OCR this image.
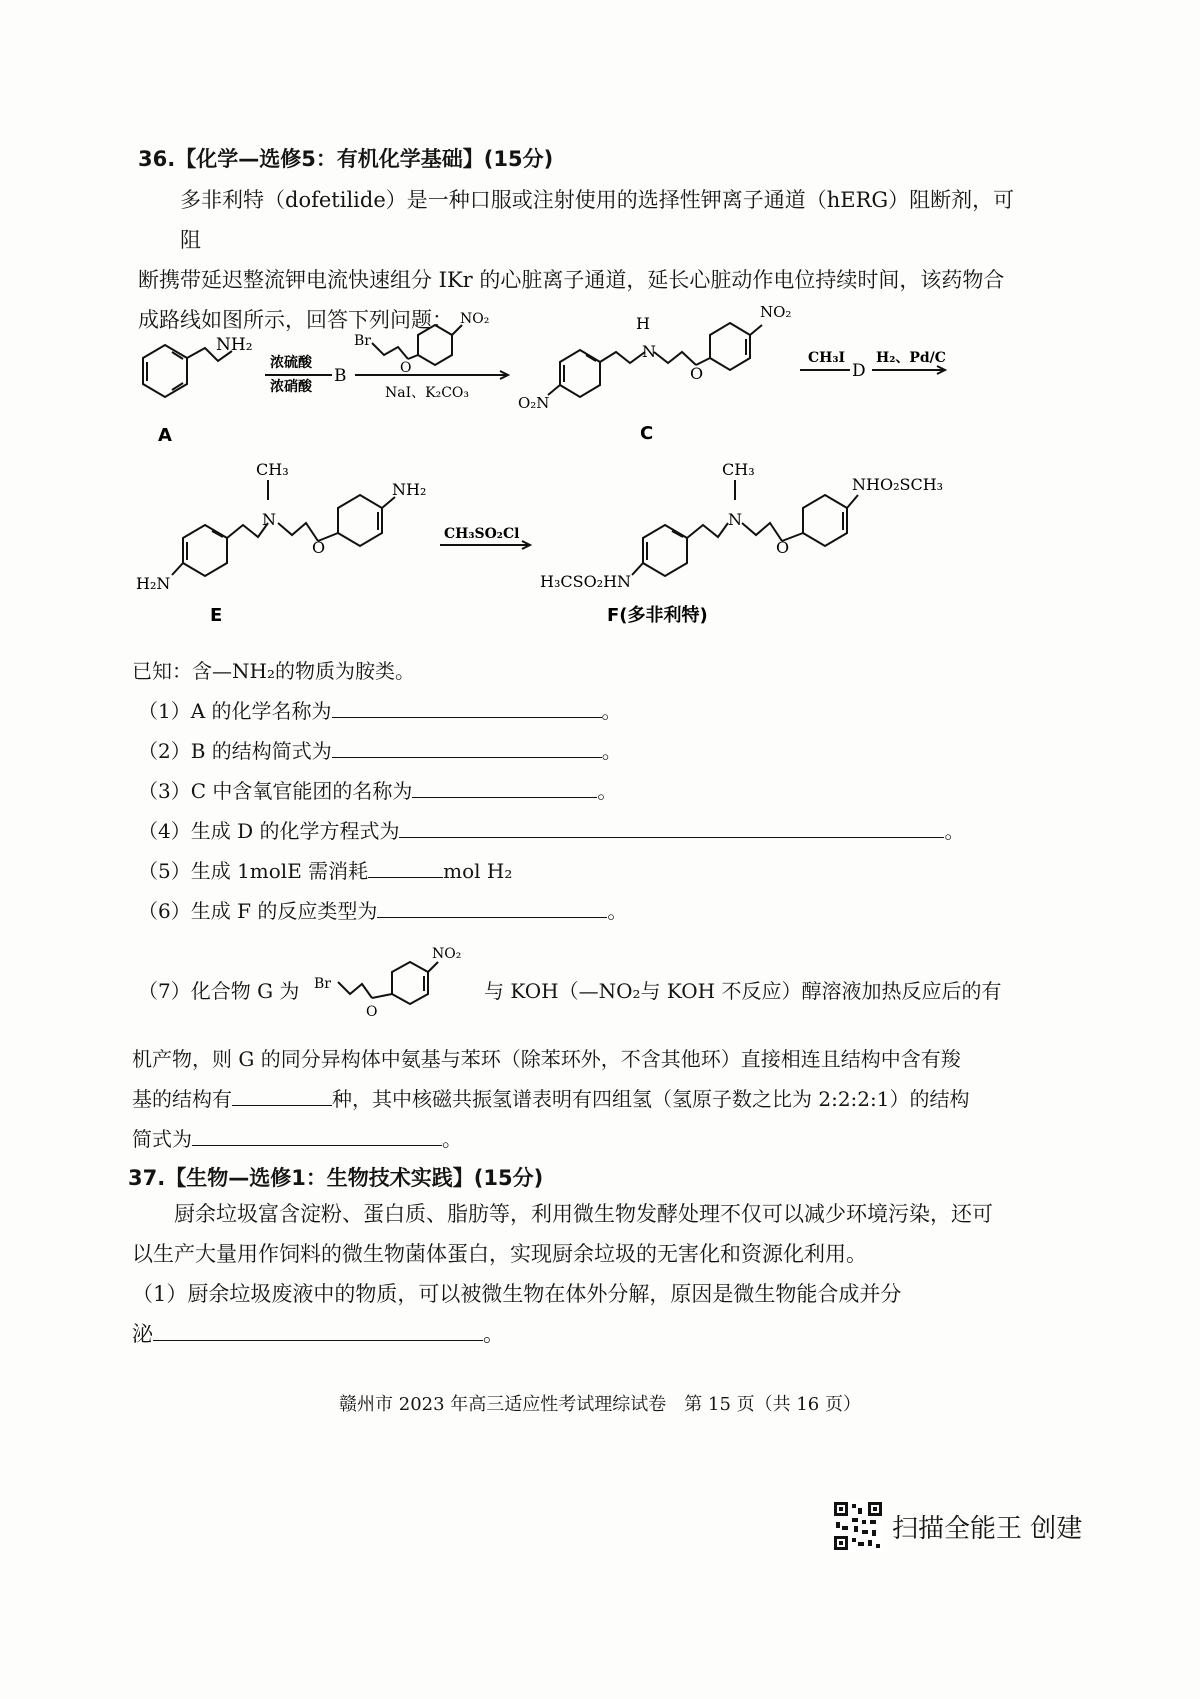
36.【化学—选修5：有机化学基础】(15分)
多非利特（dofetilide）是一种口服或注射使用的选择性钾离子通道（hERG）阻断剂，可阻
断携带延迟整流钾电流快速组分 IKr 的心脏离子通道，延长心脏动作电位持续时间，该药物合
成路线如图所示，回答下列问题：
NH₂
A
浓硫酸
浓硝酸
B
Br
O
NO₂
NaI、K₂CO₃
H
N
O
NO₂
O₂N
C
CH₃I
D
H₂、Pd/C
CH₃
N
O
NH₂
H₂N
E
CH₃SO₂Cl
CH₃
N
O
NHO₂SCH₃
H₃CSO₂HN
F(多非利特)
已知：含—NH₂的物质为胺类。
（1）A 的化学名称为	。
（2）B 的结构简式为	。
（3）C 中含氧官能团的名称为	。
（4）生成 D 的化学方程式为	。
（5）生成 1molE 需消耗	mol H₂
（6）生成 F 的反应类型为	。
（7）化合物 G 为 Br
O
NO₂
与 KOH（—NO₂与 KOH 不反应）醇溶液加热反应后的有
机产物，则 G 的同分异构体中氨基与苯环（除苯环外，不含其他环）直接相连且结构中含有羧
基的结构有	种，其中核磁共振氢谱表明有四组氢（氢原子数之比为 2:2:2:1）的结构
简式为	。
37.【生物—选修1：生物技术实践】(15分)
厨余垃圾富含淀粉、蛋白质、脂肪等，利用微生物发酵处理不仅可以减少环境污染，还可
以生产大量用作饲料的微生物菌体蛋白，实现厨余垃圾的无害化和资源化利用。
（1）厨余垃圾废液中的物质，可以被微生物在体外分解，原因是微生物能合成并分
泌	。
赣州市 2023 年高三适应性考试理综试卷　第 15 页（共 16 页）
扫描全能王 创建
